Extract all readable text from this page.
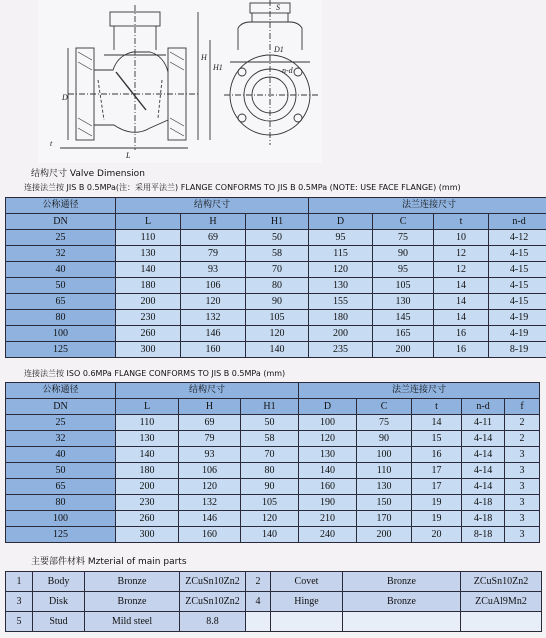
L
H
H1
D
D1
S
n-d
t
结构尺寸 Valve Dimension
连接法兰按 JIS B 0.5MPa(注：采用平法兰) FLANGE CONFORMS TO JIS B 0.5MPa (NOTE: USE FACE FLANGE) (mm)
公称通径	结构尺寸			法兰连接尺寸			
DN	L	H	H1	D	C	t	n-d
25	110	69	50	95	75	10	4-12
32	130	79	58	115	90	12	4-15
40	140	93	70	120	95	12	4-15
50	180	106	80	130	105	14	4-15
65	200	120	90	155	130	14	4-15
80	230	132	105	180	145	14	4-19
100	260	146	120	200	165	16	4-19
125	300	160	140	235	200	16	8-19
连接法兰按 ISO 0.6MPa FLANGE CONFORMS TO JIS B 0.5MPa (mm)
公称通径	结构尺寸			法兰连接尺寸				
DN	L	H	H1	D	C	t	n-d	f
25	110	69	50	100	75	14	4-11	2
32	130	79	58	120	90	15	4-14	2
40	140	93	70	130	100	16	4-14	3
50	180	106	80	140	110	17	4-14	3
65	200	120	90	160	130	17	4-14	3
80	230	132	105	190	150	19	4-18	3
100	260	146	120	210	170	19	4-18	3
125	300	160	140	240	200	20	8-18	3
主要部件材料 Mzterial of main parts
1	Body	Bronze	ZCuSn10Zn2	2	Covet	Bronze	ZCuSn10Zn2
3	Disk	Bronze	ZCuSn10Zn2	4	Hinge	Bronze	ZCuAl9Mn2
5	Stud	Mild steel	8.8				
